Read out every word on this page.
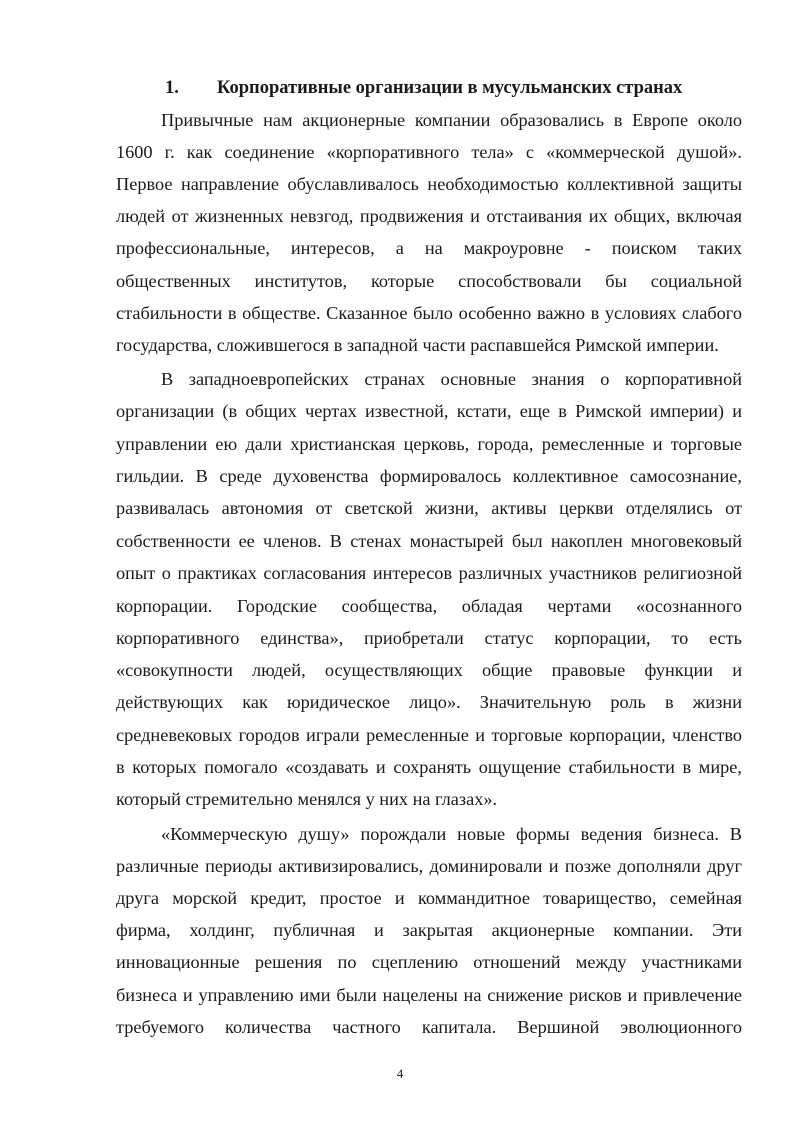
1. Корпоративные организации в мусульманских странах
Привычные нам акционерные компании образовались в Европе около
1600 г. как соединение «корпоративного тела» с «коммерческой душой».
Первое направление обуславливалось необходимостью коллективной защиты
людей от жизненных невзгод, продвижения и отстаивания их общих, включая
профессиональные, интересов, а на макроуровне - поиском таких
общественных институтов, которые способствовали бы социальной
стабильности в обществе. Сказанное было особенно важно в условиях слабого
государства, сложившегося в западной части распавшейся Римской империи.
В западноевропейских странах основные знания о корпоративной
организации (в общих чертах известной, кстати, еще в Римской империи) и
управлении ею дали христианская церковь, города, ремесленные и торговые
гильдии. В среде духовенства формировалось коллективное самосознание,
развивалась автономия от светской жизни, активы церкви отделялись от
собственности ее членов. В стенах монастырей был накоплен многовековый
опыт о практиках согласования интересов различных участников религиозной
корпорации. Городские сообщества, обладая чертами «осознанного
корпоративного единства», приобретали статус корпорации, то есть
«совокупности людей, осуществляющих общие правовые функции и
действующих как юридическое лицо». Значительную роль в жизни
средневековых городов играли ремесленные и торговые корпорации, членство
в которых помогало «создавать и сохранять ощущение стабильности в мире,
который стремительно менялся у них на глазах».
«Коммерческую душу» порождали новые формы ведения бизнеса. В
различные периоды активизировались, доминировали и позже дополняли друг
друга морской кредит, простое и коммандитное товарищество, семейная
фирма, холдинг, публичная и закрытая акционерные компании. Эти
инновационные решения по сцеплению отношений между участниками
бизнеса и управлению ими были нацелены на снижение рисков и привлечение
требуемого количества частного капитала. Вершиной эволюционного
4
